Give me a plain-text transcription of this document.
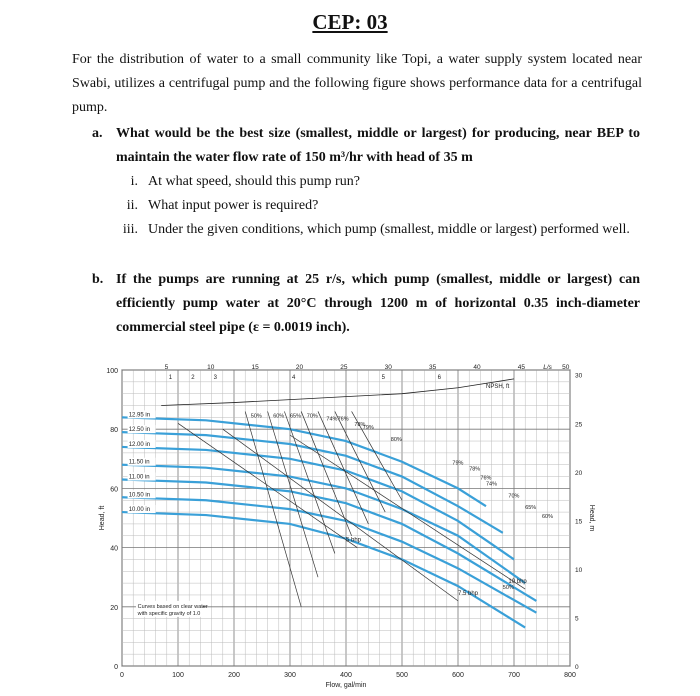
CEP: 03
For the distribution of water to a small community like Topi, a water supply system located near Swabi, utilizes a centrifugal pump and the following figure shows performance data for a centrifugal pump.
a. What would be the best size (smallest, middle or largest) for producing, near BEP to maintain the water flow rate of 150 m³/hr with head of 35 m
i. At what speed, should this pump run?
ii. What input power is required?
iii. Under the given conditions, which pump (smallest, middle or largest) performed well.
b. If the pumps are running at 25 r/s, which pump (smallest, middle or largest) can efficiently pump water at 20°C through 1200 m of horizontal 0.35 inch-diameter commercial steel pipe (ε = 0.0019 inch).
0	100	200	300	400	500	600	700	800
0
20
40
60
80
100
5	10	15	20	25	30	35	40	45	50
L/s
0
5
10
15
20
25
30
Flow, gal/min
Head, ft	Head, m
NPSH, ft
1	2	3	4	5	6
12.95 in
12.50 in
12.00 in
11.50 in
11.00 in
10.50 in
10.00 in
50% 60% 65% 70% 74% 76%
78%
79%
80%
79%
78%
76%
74%
70%
65%
60%
50%
5 bhp
7.5 bhp
10 bhp
Curves based on clear water
with specific gravity of 1.0
